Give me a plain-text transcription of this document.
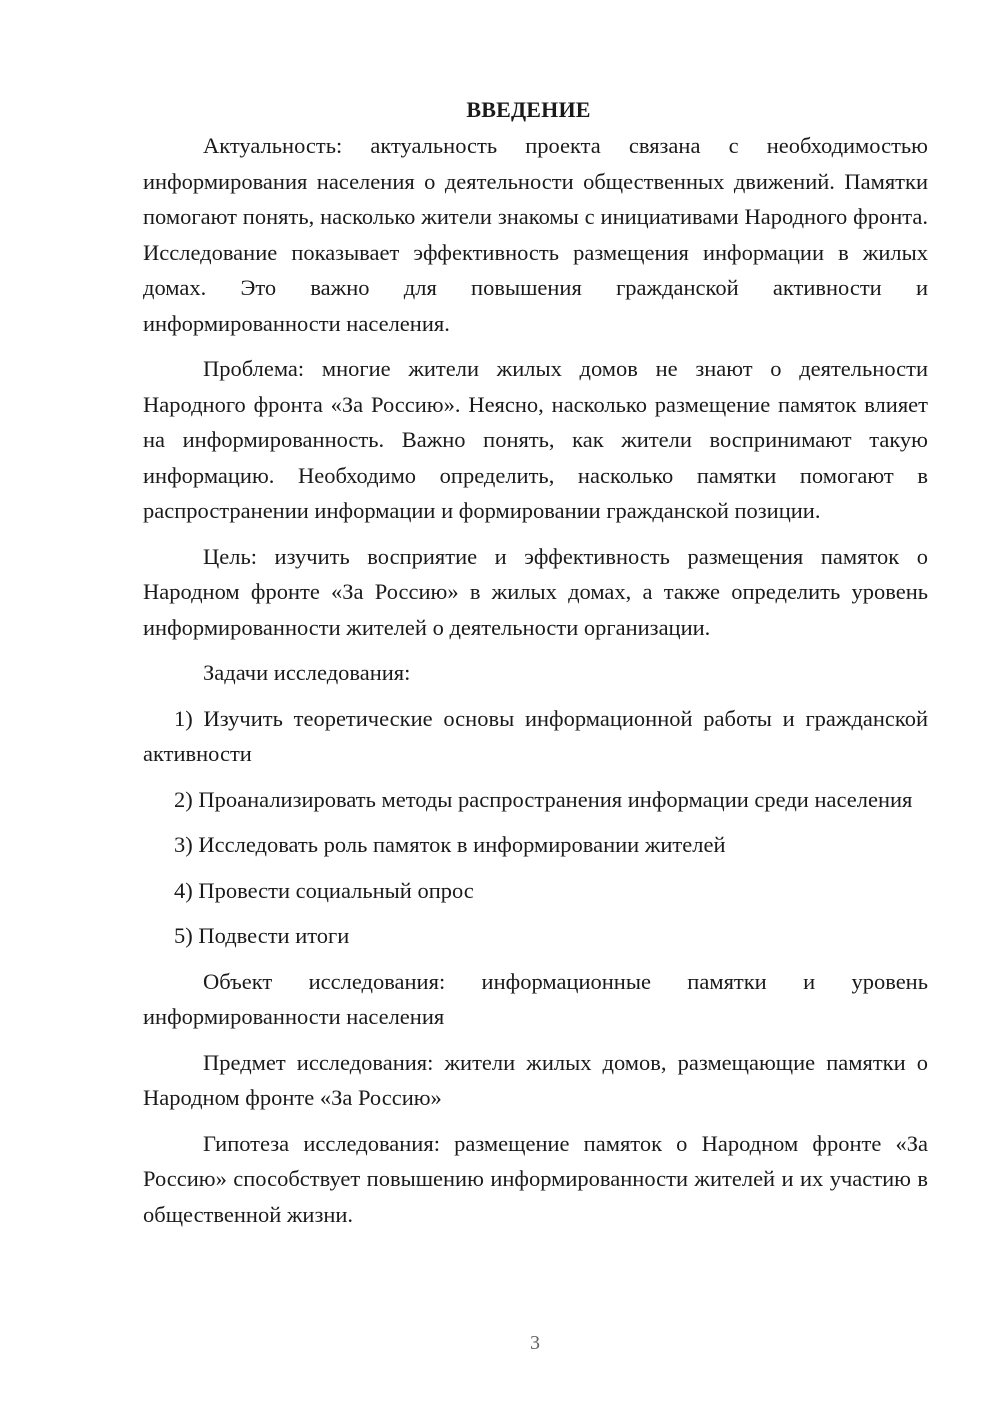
ВВЕДЕНИЕ

Актуальность: актуальность проекта связана с необходимостью информирования населения о деятельности общественных движений. Памятки помогают понять, насколько жители знакомы с инициативами Народного фронта. Исследование показывает эффективность размещения информации в жилых домах. Это важно для повышения гражданской активности и информированности населения.

Проблема: многие жители жилых домов не знают о деятельности Народного фронта «За Россию». Неясно, насколько размещение памяток влияет на информированность. Важно понять, как жители воспринимают такую информацию. Необходимо определить, насколько памятки помогают в распространении информации и формировании гражданской позиции.

Цель: изучить восприятие и эффективность размещения памяток о Народном фронте «За Россию» в жилых домах, а также определить уровень информированности жителей о деятельности организации.

Задачи исследования:

1) Изучить теоретические основы информационной работы и гражданской активности

2) Проанализировать методы распространения информации среди населения

3) Исследовать роль памяток в информировании жителей

4) Провести социальный опрос

5) Подвести итоги

Объект исследования: информационные памятки и уровень информированности населения

Предмет исследования: жители жилых домов, размещающие памятки о Народном фронте «За Россию»

Гипотеза исследования: размещение памяток о Народном фронте «За Россию» способствует повышению информированности жителей и их участию в общественной жизни.

3
